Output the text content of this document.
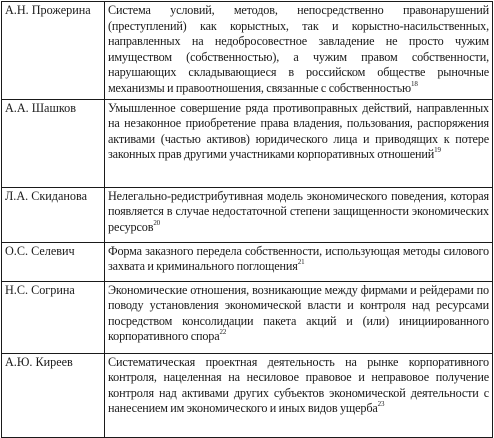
А.Н. Прожерина	Система условий, методов, непосредственно правонарушений (преступлений) как корыстных, так и корыстно-насильственных, направленных на недобросовестное завладение не просто чужим имуществом (собственностью), а чужим правом собственности, нарушающих складывающиеся в российском обществе рыночные механизмы и правоотношения, связанные с собственностью$^{18}$
А.А. Шашков	Умышленное совершение ряда противоправных действий, направленных на незаконное приобретение права владения, пользования, распоряжения активами (частью активов) юридического лица и приводящих к потере законных прав другими участниками корпоративных отношений$^{19}$
Л.А. Скиданова	Нелегально-редистрибутивная модель экономического поведения, которая появляется в случае недостаточной степени защищенности экономических ресурсов$^{20}$
О.С. Селевич	Форма заказного передела собственности, использующая методы силового захвата и криминального поглощения$^{21}$
Н.С. Согрина	Экономические отношения, возникающие между фирмами и рейдерами по поводу установления экономической власти и контроля над ресурсами посредством консолидации пакета акций и (или) инициированного корпоративного спора$^{22}$
А.Ю. Киреев	Систематическая проектная деятельность на рынке корпоративного контроля, нацеленная на несиловое правовое и неправовое получение контроля над активами других субъектов экономической деятельности с нанесением им экономического и иных видов ущерба$^{23}$
